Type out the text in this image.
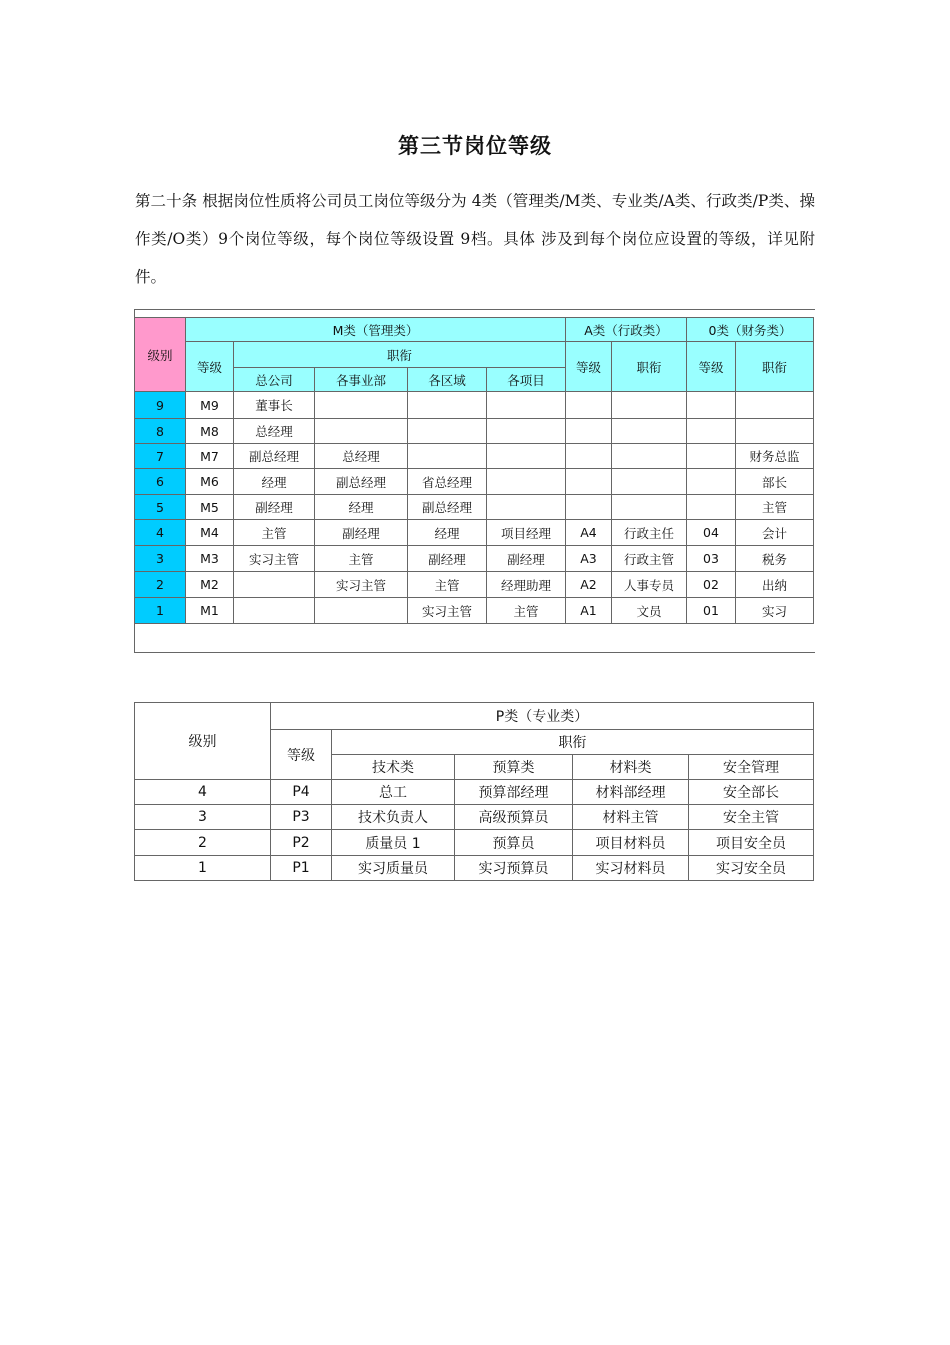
第三节岗位等级
第二十条 根据岗位性质将公司员工岗位等级分为 4类（管理类/M类、专业类/A类、行政类/P类、操作类/O类）9个岗位等级，每个岗位等级设置 9档。具体 涉及到每个岗位应设置的等级，详见附件。
级别	M类（管理类）					A类（行政类）		0类（财务类）	
	等级	职衔				等级	职衔	等级	职衔
		总公司	各事业部	各区域	各项目				
9	M9	董事长							
8	M8	总经理							
7	M7	副总经理	总经理						财务总监
6	M6	经理	副总经理	省总经理					部长
5	M5	副经理	经理	副总经理					主管
4	M4	主管	副经理	经理	项目经理	A4	行政主任	04	会计
3	M3	实习主管	主管	副经理	副经理	A3	行政主管	03	税务
2	M2		实习主管	主管	经理助理	A2	人事专员	02	出纳
1	M1			实习主管	主管	A1	文员	01	实习
级别	P类（专业类）				
	等级	职衔			
		技术类	预算类	材料类	安全管理
4	P4	总工	预算部经理	材料部经理	安全部长
3	P3	技术负责人	高级预算员	材料主管	安全主管
2	P2	质量员 1	预算员	项目材料员	项目安全员
1	P1	实习质量员	实习预算员	实习材料员	实习安全员
